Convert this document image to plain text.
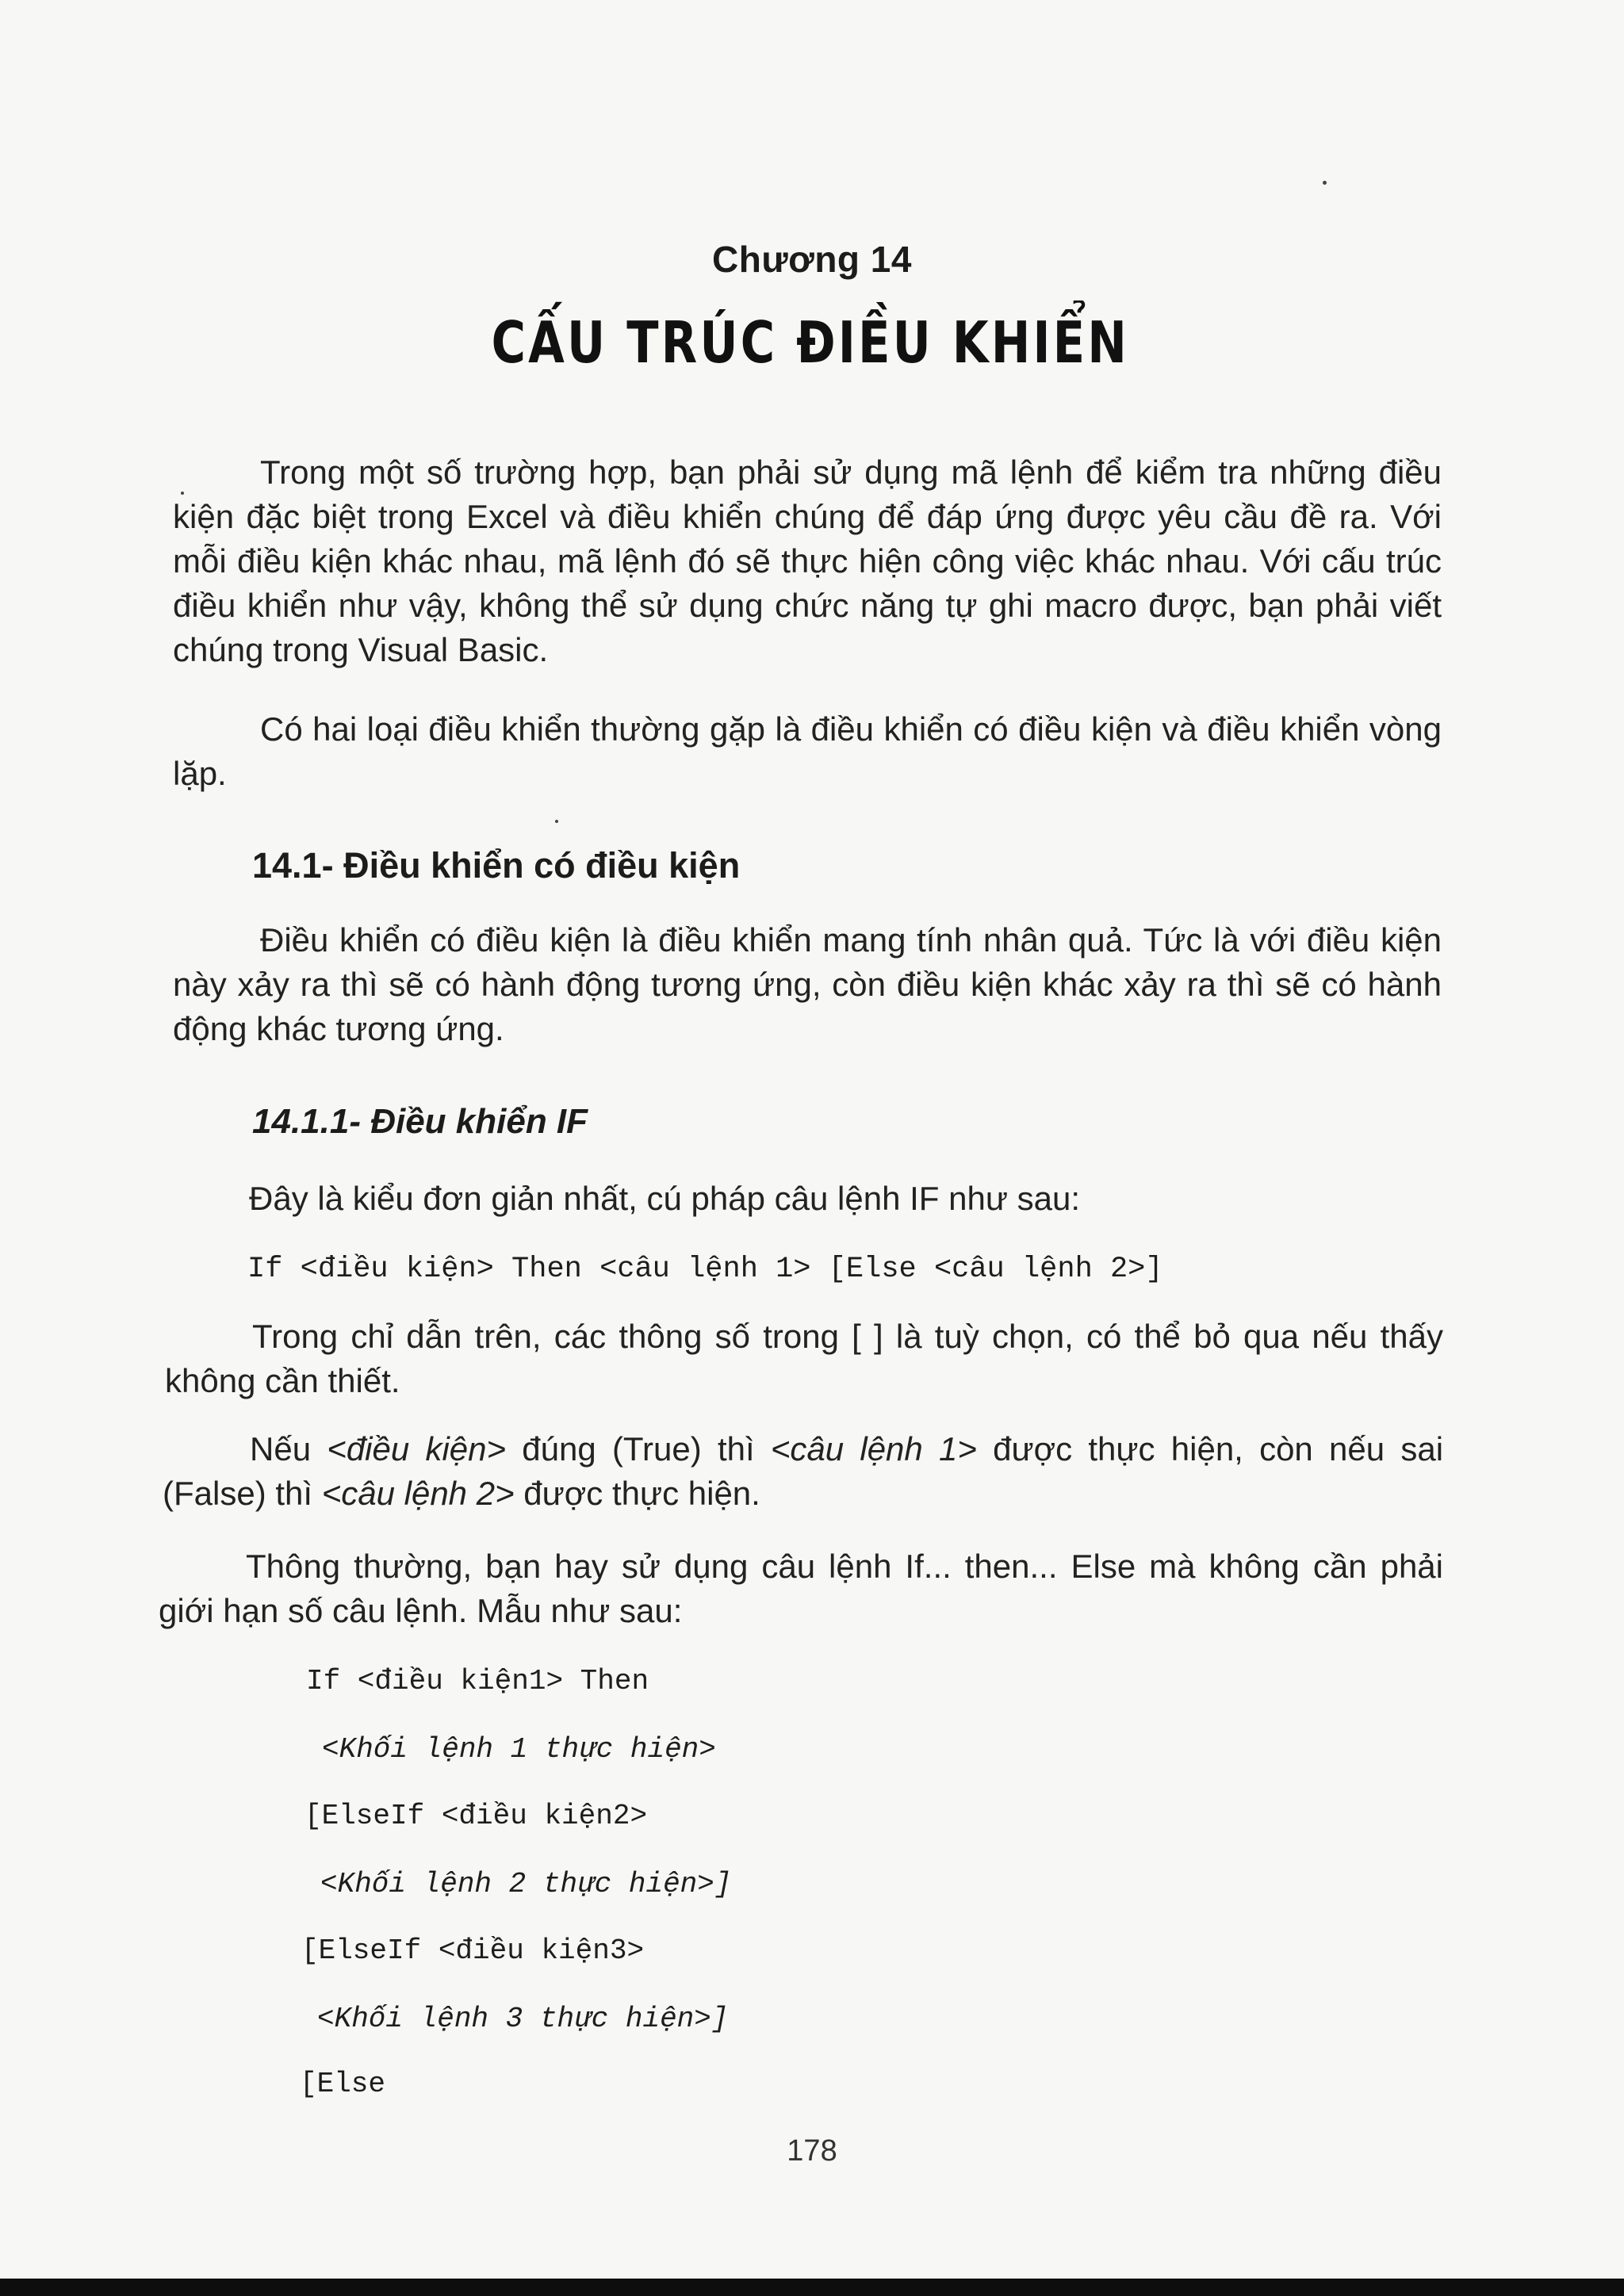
Chương 14
CẤU TRÚC ĐIỀU KHIỂN
Trong một số trường hợp, bạn phải sử dụng mã lệnh để kiểm tra những điều kiện đặc biệt trong Excel và điều khiển chúng để đáp ứng được yêu cầu đề ra. Với mỗi điều kiện khác nhau, mã lệnh đó sẽ thực hiện công việc khác nhau. Với cấu trúc điều khiển như vậy, không thể sử dụng chức năng tự ghi macro được, bạn phải viết chúng trong Visual Basic.
Có hai loại điều khiển thường gặp là điều khiển có điều kiện và điều khiển vòng lặp.
14.1- Điều khiển có điều kiện
Điều khiển có điều kiện là điều khiển mang tính nhân quả. Tức là với điều kiện này xảy ra thì sẽ có hành động tương ứng, còn điều kiện khác xảy ra thì sẽ có hành động khác tương ứng.
14.1.1- Điều khiển IF
Đây là kiểu đơn giản nhất, cú pháp câu lệnh IF như sau:
If <điều kiện> Then <câu lệnh 1> [Else <câu lệnh 2>]
Trong chỉ dẫn trên, các thông số trong [ ] là tuỳ chọn, có thể bỏ qua nếu thấy không cần thiết.
Nếu <điều kiện> đúng (True) thì <câu lệnh 1> được thực hiện, còn nếu sai (False) thì <câu lệnh 2> được thực hiện.
Thông thường, bạn hay sử dụng câu lệnh If... then... Else mà không cần phải giới hạn số câu lệnh. Mẫu như sau:
If <điều kiện1> Then
<Khối lệnh 1 thực hiện>
[ElseIf <điều kiện2>
<Khối lệnh 2 thực hiện>]
[ElseIf <điều kiện3>
<Khối lệnh 3 thực hiện>]
[Else
178
